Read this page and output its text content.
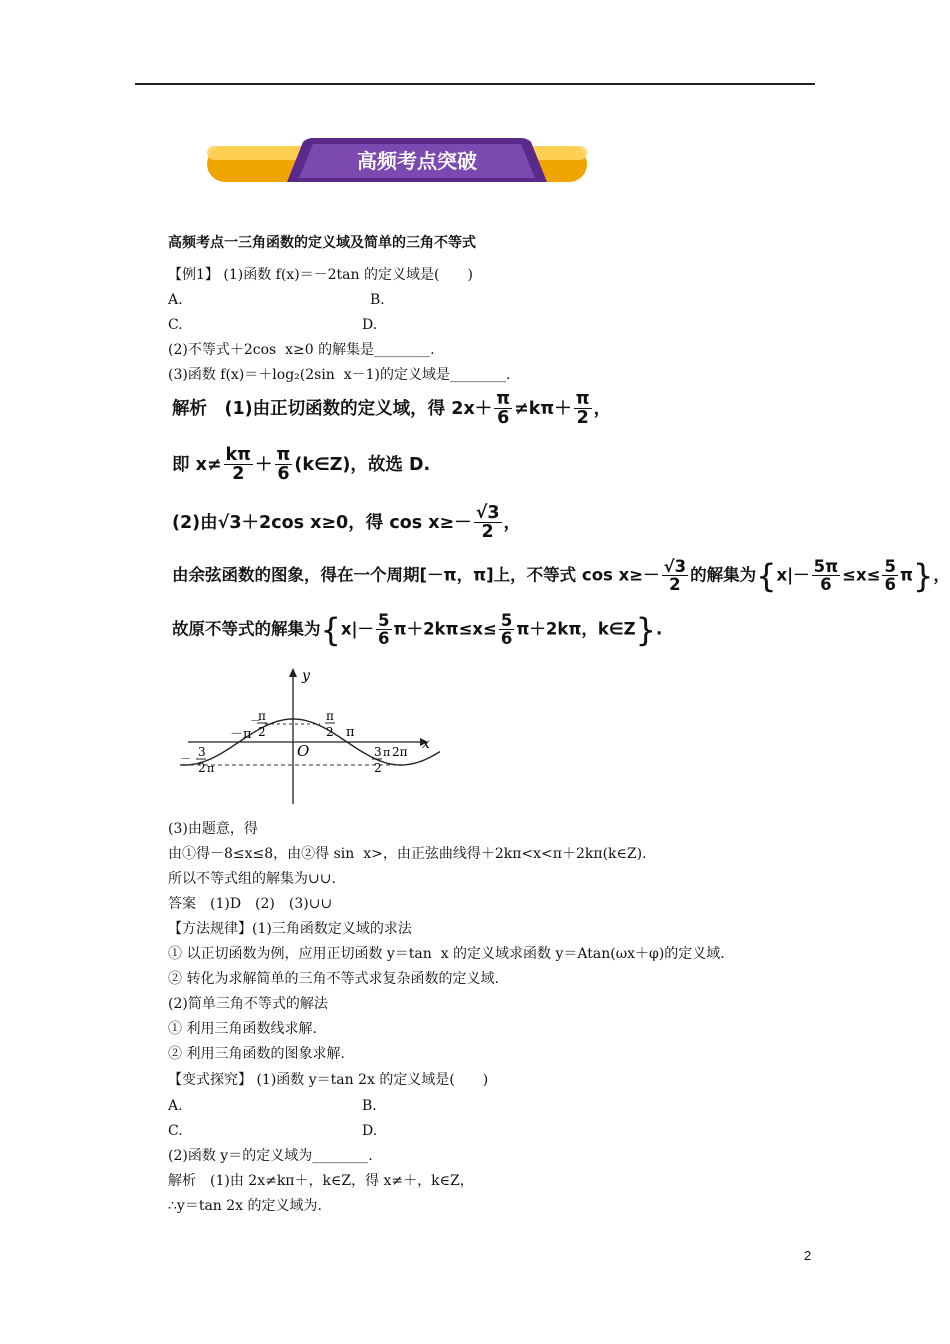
高频考点突破
高频考点一三角函数的定义域及简单的三角不等式
【例1】 (1)函数 f(x)＝－2tan 的定义域是(　　)
A.	B.
C.	D.
(2)不等式＋2cos  x≥0 的解集是________.
(3)函数 f(x)＝＋log₂(2sin  x－1)的定义域是________.
解析　(1)由正切函数的定义域，得 $2x+ \frac{\pi}{6} \ne k\pi+ \frac{\pi}{2}$ ，
即 $x\ne \frac{k\pi}{2} + \frac{\pi}{6}$ (k∈Z)，故选 D.
(2)由√3＋2cos x≥0，得 $\cos x\ge- \frac{√3}{2}$ ，
由余弦函数的图象，得在一个周期[－π，π]上，不等式 $\cos x\ge- \frac{√3}{2}$ 的解集为$\{x|- \frac{5\pi}{6} \le x\le \frac{5}{6} \pi\}$，
故原不等式的解集为{$x|- \frac{5}{6} \pi+2k\pi\le x\le \frac{5}{6} \pi+2k\pi$，k∈Z}.
y
x
O
－π
－
π
2
π
2 π
－ 3
2 π
3
2
π 2π
(3)由题意，得
由①得－8≤x≤8，由②得 sin  x>，由正弦曲线得＋2kπ<x<π＋2kπ(k∈Z).
所以不等式组的解集为∪∪.
答案　(1)D　(2)　(3)∪∪
【方法规律】(1)三角函数定义域的求法
① 以正切函数为例，应用正切函数 y＝tan  x 的定义域求函数 y＝Atan(ωx＋φ)的定义域.
② 转化为求解简单的三角不等式求复杂函数的定义域.
(2)简单三角不等式的解法
① 利用三角函数线求解.
② 利用三角函数的图象求解.
【变式探究】 (1)函数 y＝tan 2x 的定义域是(　　)
A.	B.
C.	D.
(2)函数 y＝的定义域为________.
解析　(1)由 2x≠kπ＋，k∈Z，得 x≠＋，k∈Z，
∴y＝tan 2x 的定义域为.
2
